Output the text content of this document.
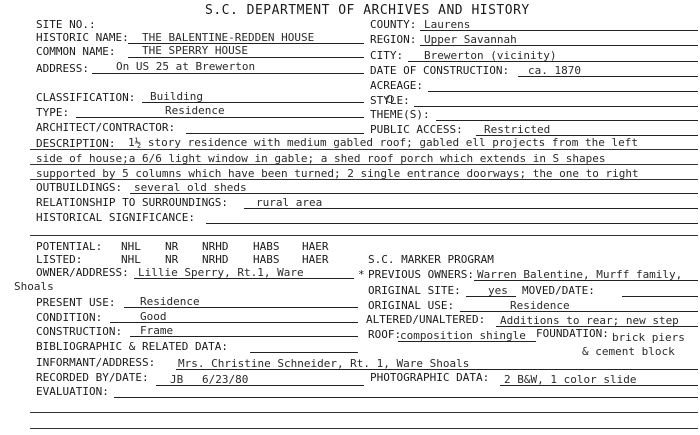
S.C. DEPARTMENT OF ARCHIVES AND HISTORY
SITE NO.:
HISTORIC NAME: THE BALENTINE-REDDEN HOUSE
COMMON NAME: THE SPERRY HOUSE
ADDRESS: On US 25 at Brewerton
CLASSIFICATION: Building
TYPE:	Residence
ARCHITECT/CONTRACTOR:
COUNTY: Laurens
REGION: Upper Savannah
CITY: Brewerton (vicinity)
DATE OF CONSTRUCTION: ca. 1870
ACREAGE:
STYLE:
THEME(S):
PUBLIC ACCESS: Restricted
DESCRIPTION: 1½ story residence with medium gabled roof; gabled ell projects from the left
side of house;a 6/6 light window in gable; a shed roof porch which extends in S shapes
supported by 5 columns which have been turned; 2 single entrance doorways; the one to right
OUTBUILDINGS: several old sheds
RELATIONSHIP TO SURROUNDINGS:	rural area
HISTORICAL SIGNIFICANCE:
POTENTIAL: NHL NR NRHD HABS HAER
LISTED:	NHL NR NRHD HABS HAER
OWNER/ADDRESS: Lillie Sperry, Rt.1, Ware
Shoals
S.C. MARKER PROGRAM
* PREVIOUS OWNERS: Warren Balentine, Murff family,
ORIGINAL SITE: yes MOVED/DATE:
ORIGINAL USE:	Residence
ALTERED/UNALTERED: Additions to rear; new step
ROOF:
composition shingle FOUNDATION: brick piers
& cement block
PRESENT USE: Residence
CONDITION:	Good
CONSTRUCTION: Frame
BIBLIOGRAPHIC & RELATED DATA:
INFORMANT/ADDRESS: Mrs. Christine Schneider, Rt. 1, Ware Shoals
RECORDED BY/DATE: JB 6/23/80	PHOTOGRAPHIC DATA: 2 B&W, 1 color slide
EVALUATION:
